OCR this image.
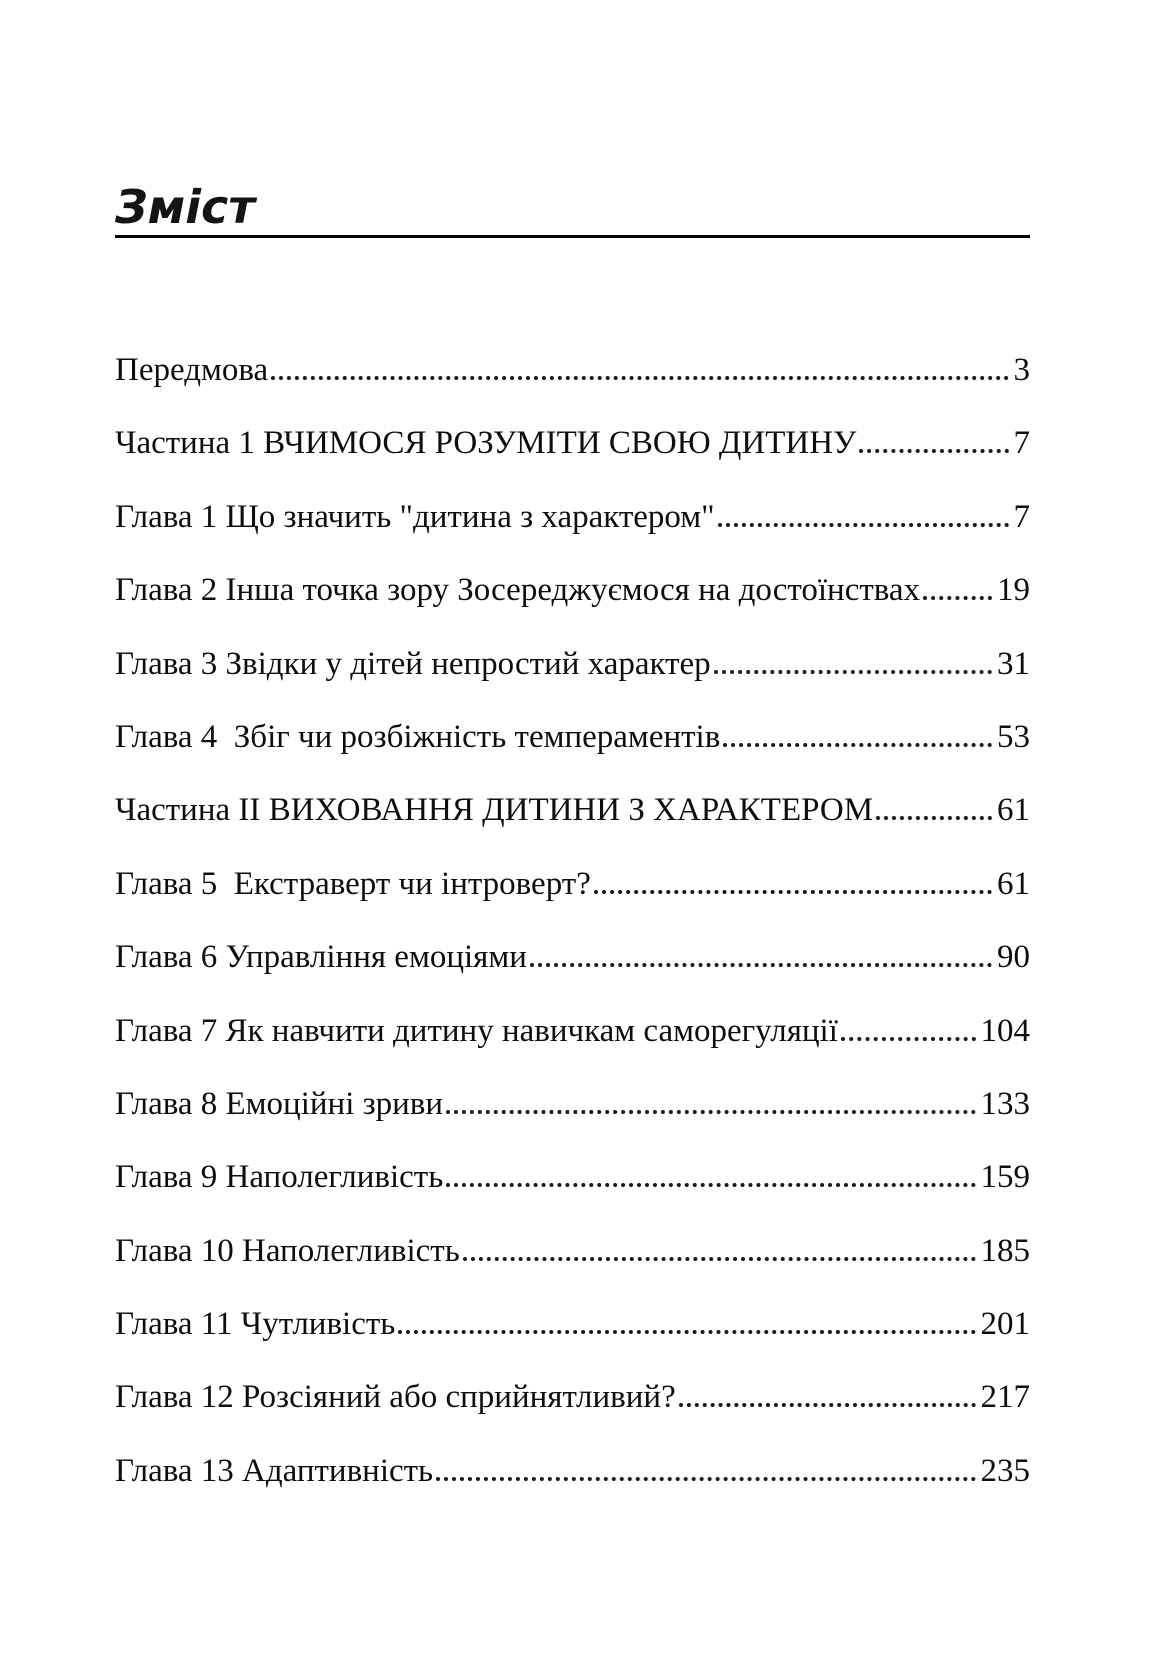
Зміст
Передмова	3
Частина 1 ВЧИМОСЯ РОЗУМІТИ СВОЮ ДИТИНУ	7
Глава 1 Що значить "дитина з характером"	7
Глава 2 Інша точка зору Зосереджуємося на достоїнствах 19
Глава 3 Звідки у дітей непростий характер	31
Глава 4  Збіг чи розбіжність темпераментів	53
Частина ІІ ВИХОВАННЯ ДИТИНИ З ХАРАКТЕРОМ	61
Глава 5  Екстраверт чи інтроверт?	61
Глава 6 Управління емоціями	90
Глава 7 Як навчити дитину навичкам саморегуляції	104
Глава 8 Емоційні зриви	133
Глава 9 Наполегливість	159
Глава 10 Наполегливість	185
Глава 11 Чутливість	201
Глава 12 Розсіяний або сприйнятливий?	217
Глава 13 Адаптивність	235
